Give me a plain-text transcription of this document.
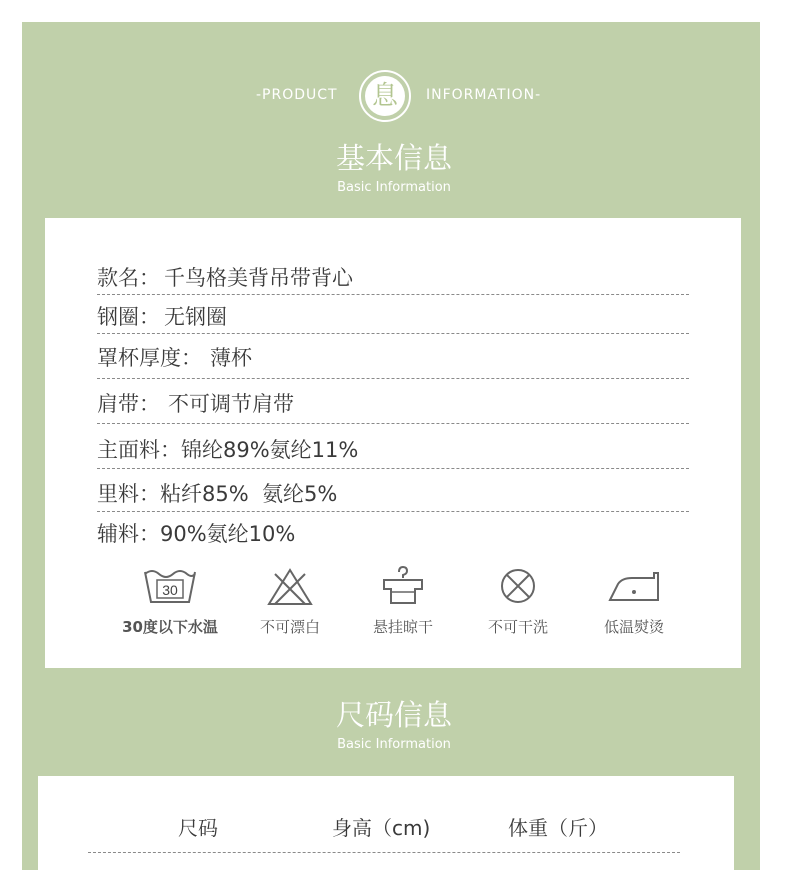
-PRODUCT 息	INFORMATION-
基本信息
Basic Information
款名： 千鸟格美背吊带背心
钢圈： 无钢圈
罩杯厚度： 薄杯
肩带： 不可调节肩带
主面料：锦纶89%氨纶11%
里料：粘纤85%  氨纶5%
辅料：90%氨纶10%
30
30度以下水温	不可漂白	悬挂晾干	不可干洗	低温熨烫
尺码信息
Basic Information
尺码	身高（cm)	体重（斤）
